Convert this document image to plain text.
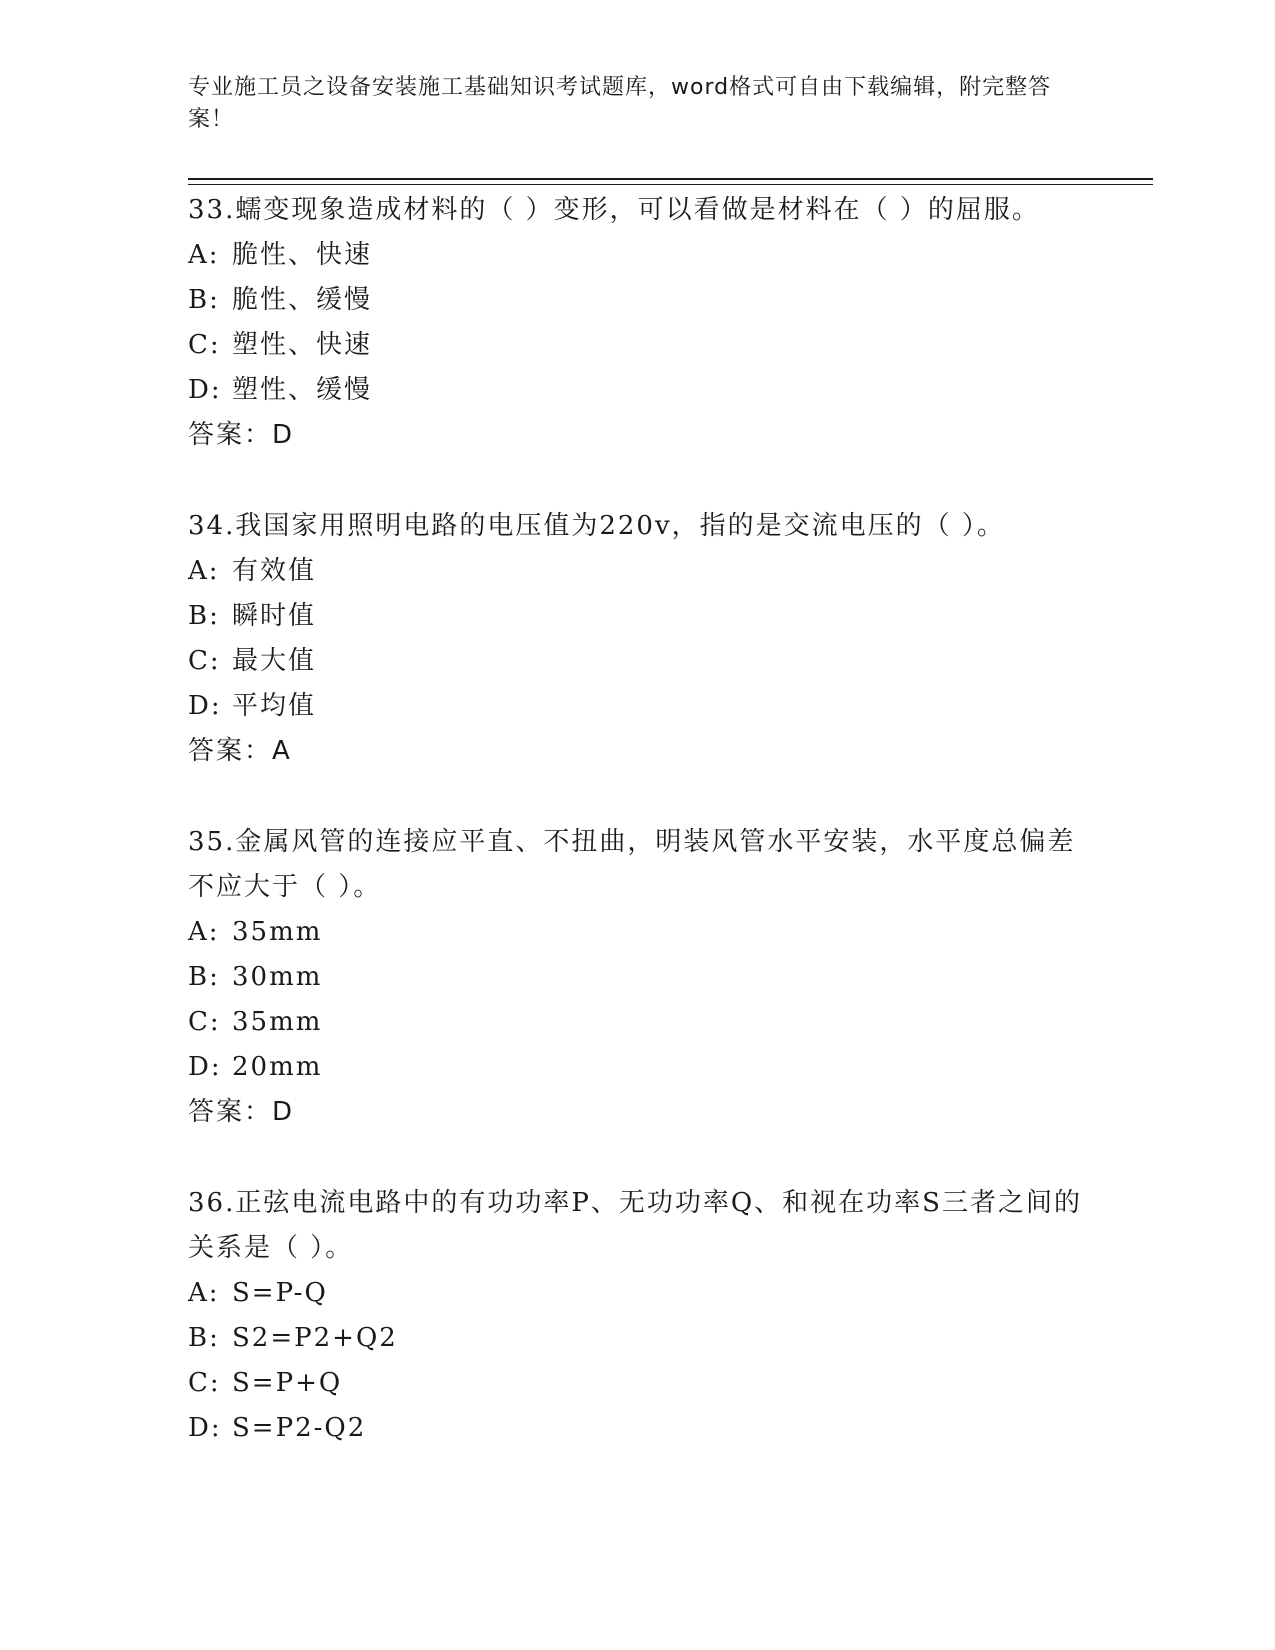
专业施工员之设备安装施工基础知识考试题库，word格式可自由下载编辑，附完整答案！

33.蠕变现象造成材料的（ ）变形，可以看做是材料在（ ）的屈服。

A: 脆性、快速

B: 脆性、缓慢

C: 塑性、快速

D: 塑性、缓慢

答案：D

34.我国家用照明电路的电压值为220v，指的是交流电压的（ ）。

A: 有效值

B: 瞬时值

C: 最大值

D: 平均值

答案：A

35.金属风管的连接应平直、不扭曲，明装风管水平安装，水平度总偏差不应大于（ ）。

A: 35mm

B: 30mm

C: 35mm

D: 20mm

答案：D

36.正弦电流电路中的有功功率P、无功功率Q、和视在功率S三者之间的关系是（ ）。

A: S=P-Q

B: S2=P2+Q2

C: S=P+Q

D: S=P2-Q2
